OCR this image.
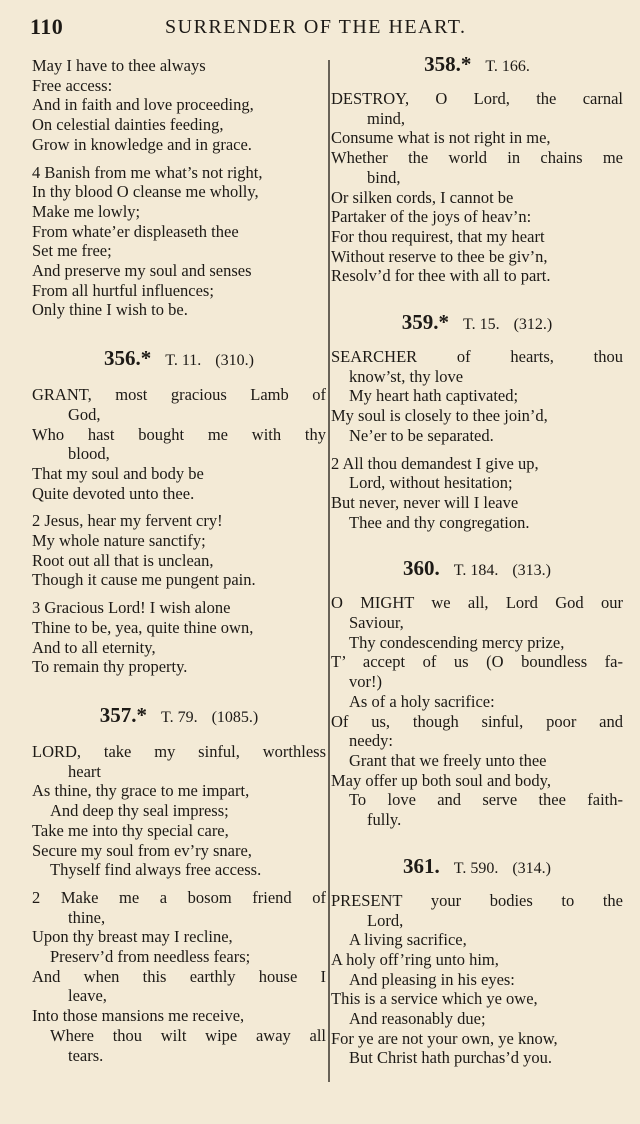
110	SURRENDER OF THE HEART.
May I have to thee always
Free access:
And in faith and love proceeding,
On celestial dainties feeding,
Grow in knowledge and in grace.
4 Banish from me what’s not right,
In thy blood O cleanse me wholly,
Make me lowly;
From whate’er displeaseth thee
Set me free;
And preserve my soul and senses
From all hurtful influences;
Only thine I wish to be.
356.* T. 11. (310.)
GRANT, most gracious Lamb of
God,
Who hast bought me with thy
blood,
That my soul and body be
Quite devoted unto thee.
2 Jesus, hear my fervent cry!
My whole nature sanctify;
Root out all that is unclean,
Though it cause me pungent pain.
3 Gracious Lord! I wish alone
Thine to be, yea, quite thine own,
And to all eternity,
To remain thy property.
357.* T. 79. (1085.)
LORD, take my sinful, worthless
heart
As thine, thy grace to me impart,
And deep thy seal impress;
Take me into thy special care,
Secure my soul from ev’ry snare,
Thyself find always free access.
2 Make me a bosom friend of
thine,
Upon thy breast may I recline,
Preserv’d from needless fears;
And when this earthly house I
leave,
Into those mansions me receive,
Where thou wilt wipe away all
tears.
358.* T. 166.
DESTROY, O Lord, the carnal
mind,
Consume what is not right in me,
Whether the world in chains me
bind,
Or silken cords, I cannot be
Partaker of the joys of heav’n:
For thou requirest, that my heart
Without reserve to thee be giv’n,
Resolv’d for thee with all to part.
359.* T. 15. (312.)
SEARCHER of hearts, thou
know’st, thy love
My heart hath captivated;
My soul is closely to thee join’d,
Ne’er to be separated.
2 All thou demandest I give up,
Lord, without hesitation;
But never, never will I leave
Thee and thy congregation.
360. T. 184. (313.)
O MIGHT we all, Lord God our
Saviour,
Thy condescending mercy prize,
T’ accept of us (O boundless fa-
vor!)
As of a holy sacrifice:
Of us, though sinful, poor and
needy:
Grant that we freely unto thee
May offer up both soul and body,
To love and serve thee faith-
fully.
361. T. 590. (314.)
PRESENT your bodies to the
Lord,
A living sacrifice,
A holy off’ring unto him,
And pleasing in his eyes:
This is a service which ye owe,
And reasonably due;
For ye are not your own, ye know,
But Christ hath purchas’d you.
